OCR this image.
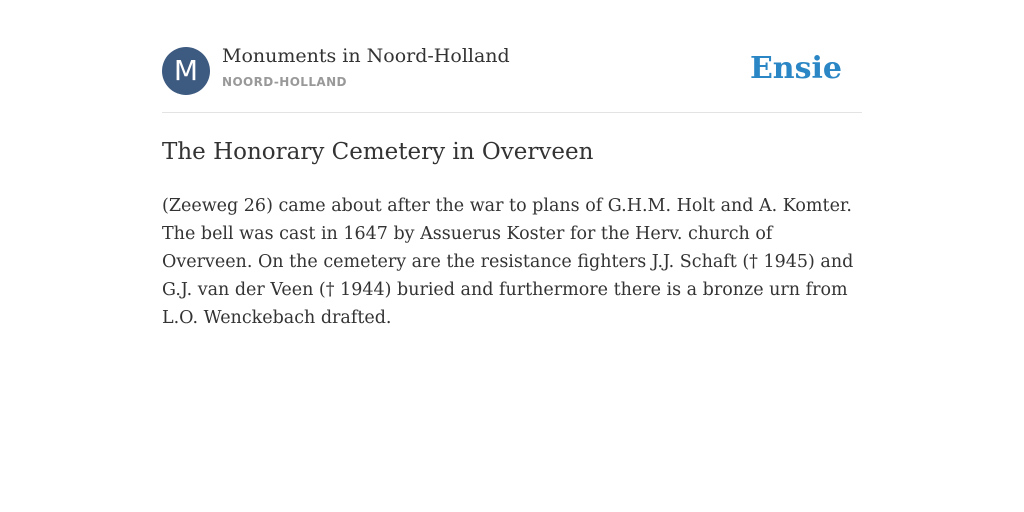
M	Monuments in Noord-Holland
NOORD-HOLLAND	Ensie
The Honorary Cemetery in Overveen

(Zeeweg 26) came about after the war to plans of G.H.M. Holt and A. Komter. The bell was cast in 1647 by Assuerus Koster for the Herv. church of Overveen. On the cemetery are the resistance fighters J.J. Schaft († 1945) and G.J. van der Veen († 1944) buried and furthermore there is a bronze urn from L.O. Wenckebach drafted.
